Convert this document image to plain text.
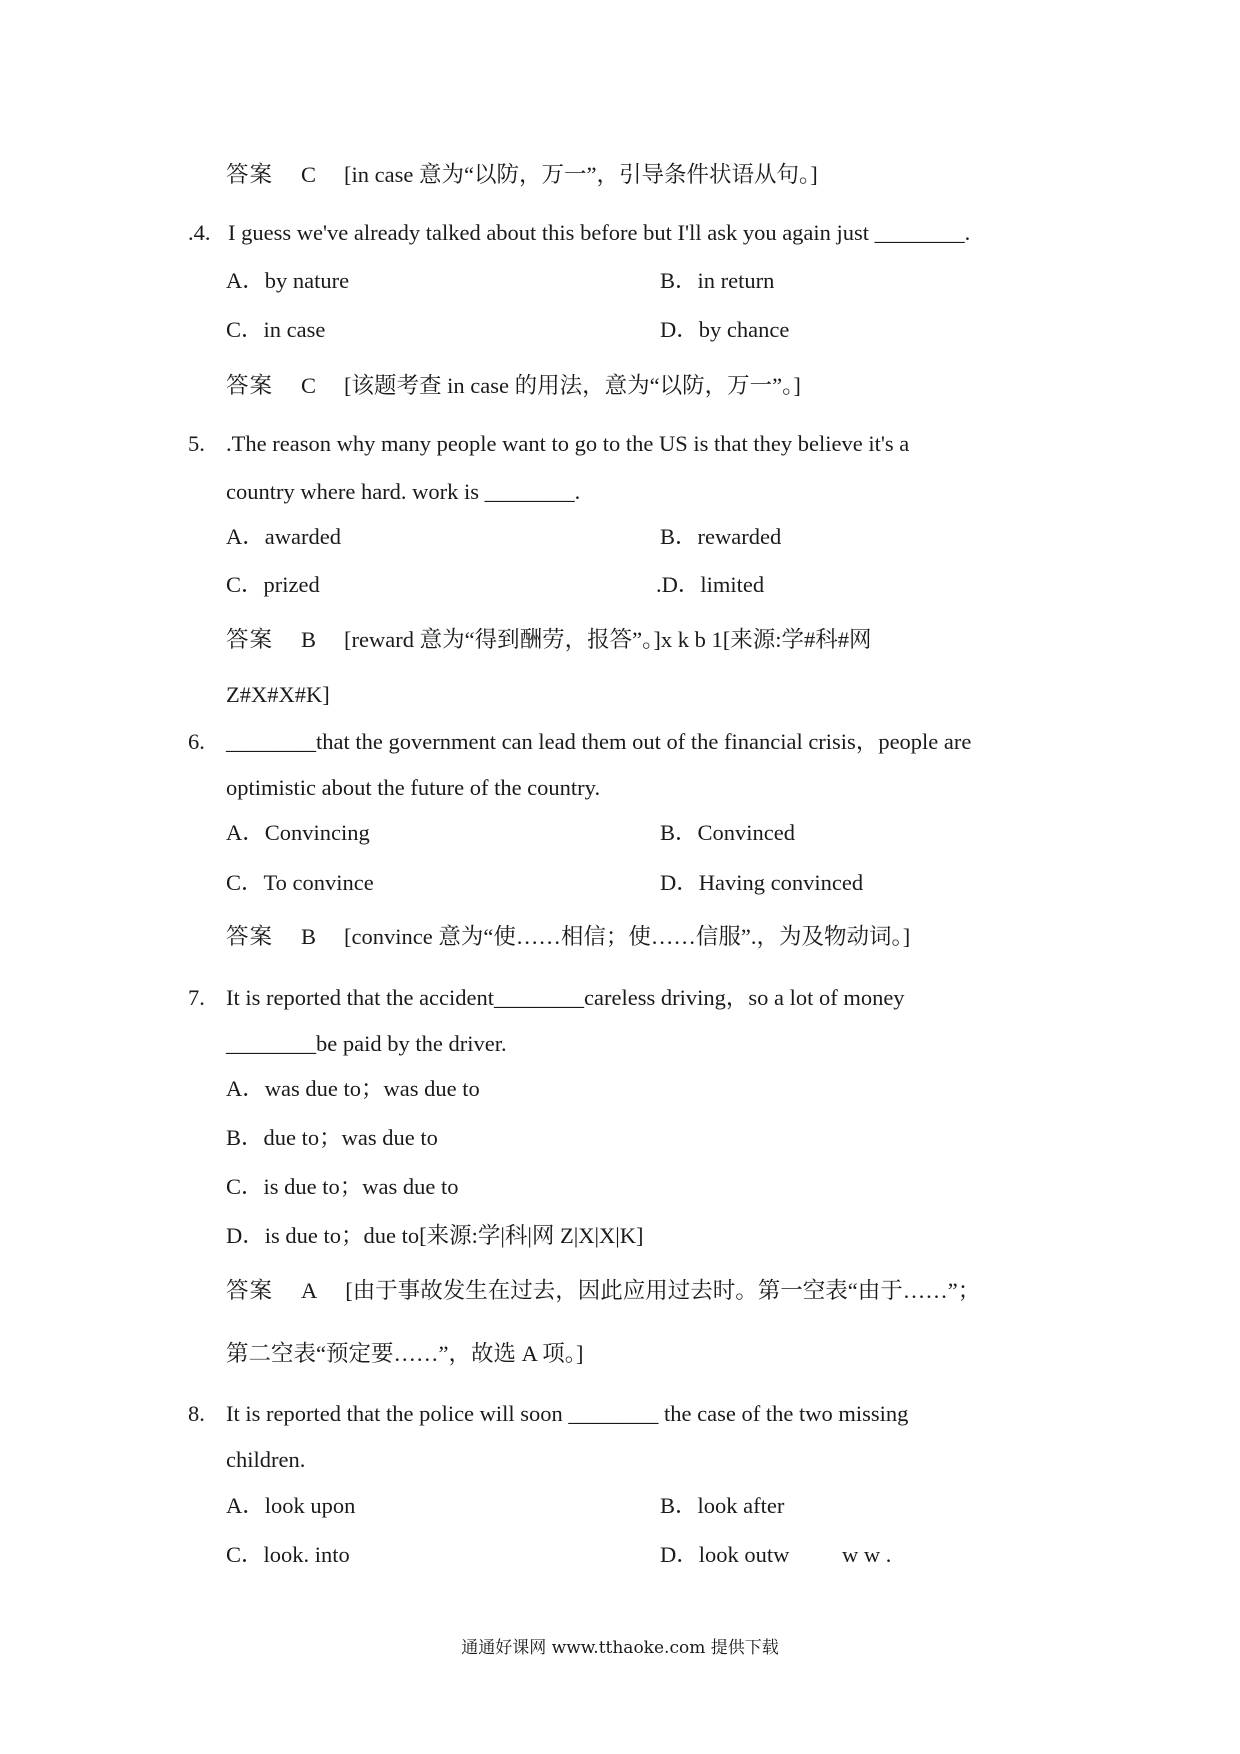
答案 C [in case 意为“以防，万一”，引导条件状语从句。]
.4. I guess we've already talked about this before but I'll ask you again just ________.
A．by nature	B．in return
C．in case	D．by chance
答案 C [该题考查 in case 的用法，意为“以防，万一”。]
5. .The reason why many people want to go to the US is that they believe it's a
country where hard. work is ________.
A．awarded	B．rewarded
C．prized	.D．limited
答案 B [reward 意为“得到酬劳，报答”。]x k b 1[来源:学#科#网
Z#X#X#K]
6. ________that the government can lead them out of the financial crisis，people are
optimistic about the future of the country.
A．Convincing	B．Convinced
C．To convince	D．Having convinced
答案 B [convince 意为“使……相信；使……信服”.，为及物动词。]
7. It is reported that the accident________careless driving，so a lot of money
________be paid by the driver.
A．was due to；was due to
B．due to；was due to
C．is due to；was due to
D．is due to；due to[来源:学|科|网 Z|X|X|K]
答案 A [由于事故发生在过去，因此应用过去时。第一空表“由于……”；
第二空表“预定要……”，故选 A 项。]
8. It is reported that the police will soon ________ the case of the two missing
children.
A．look upon	B．look after
C．look. into	D．look outw w w .
通通好课网 www.tthaoke.com 提供下载
